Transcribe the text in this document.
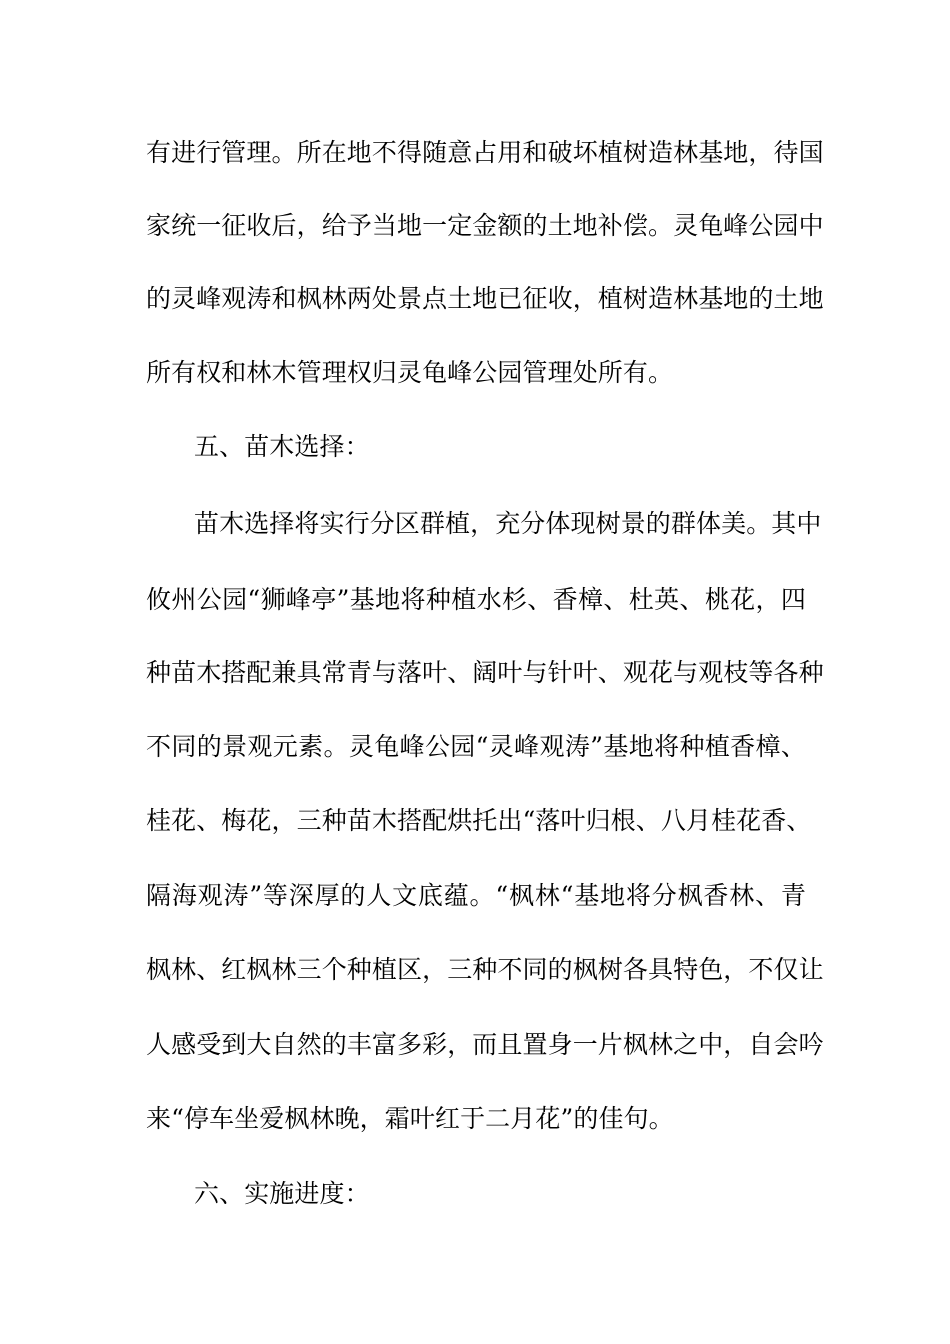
有进行管理。所在地不得随意占用和破坏植树造林基地，待国
家统一征收后，给予当地一定金额的土地补偿。灵龟峰公园中
的灵峰观涛和枫林两处景点土地已征收，植树造林基地的土地
所有权和林木管理权归灵龟峰公园管理处所有。
五、苗木选择：
苗木选择将实行分区群植，充分体现树景的群体美。其中
攸州公园“狮峰亭”基地将种植水杉、香樟、杜英、桃花，四
种苗木搭配兼具常青与落叶、阔叶与针叶、观花与观枝等各种
不同的景观元素。灵龟峰公园“灵峰观涛”基地将种植香樟、
桂花、梅花，三种苗木搭配烘托出“落叶归根、八月桂花香、
隔海观涛”等深厚的人文底蕴。“枫林“基地将分枫香林、青
枫林、红枫林三个种植区，三种不同的枫树各具特色，不仅让
人感受到大自然的丰富多彩，而且置身一片枫林之中，自会吟
来“停车坐爱枫林晚，霜叶红于二月花”的佳句。
六、实施进度：
